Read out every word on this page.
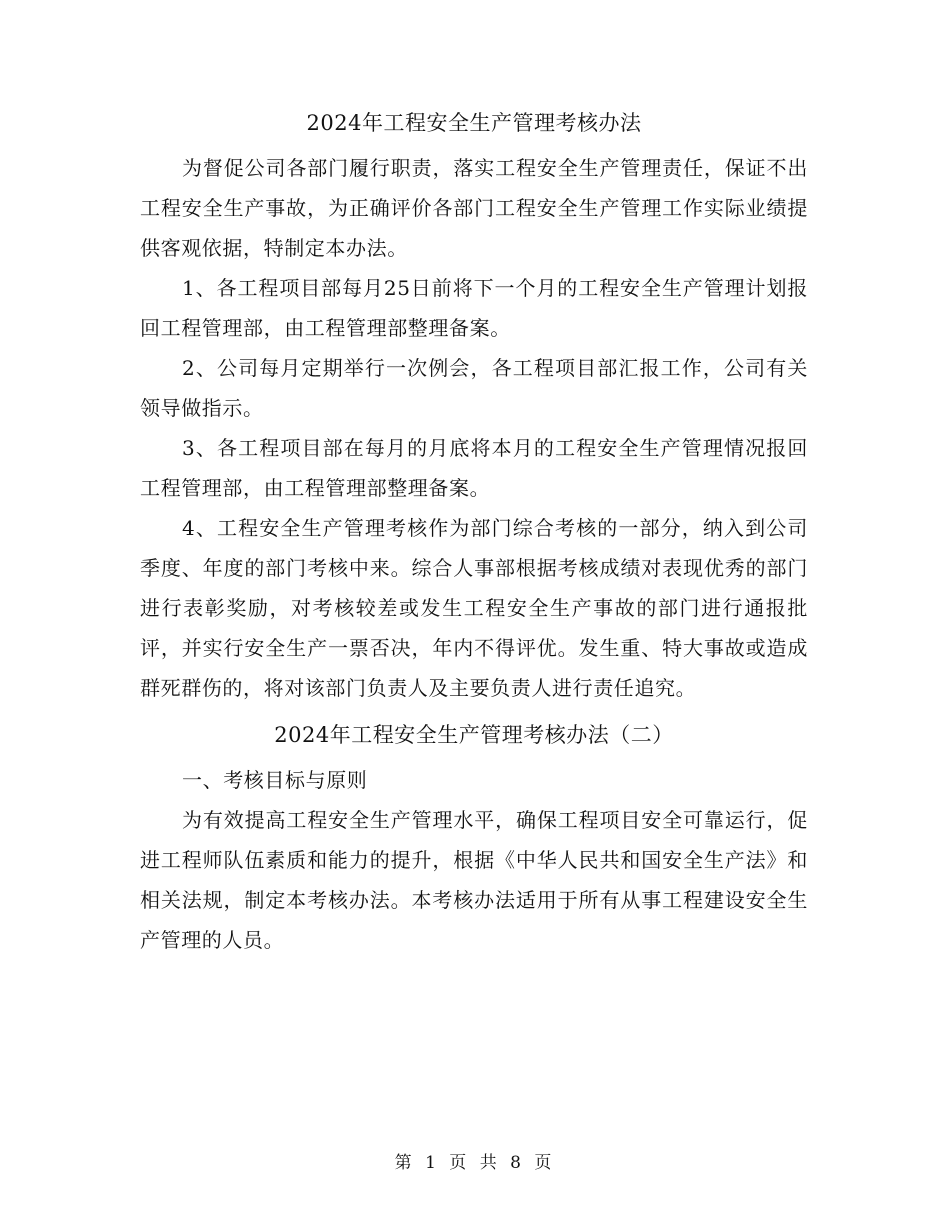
2024年工程安全生产管理考核办法

为督促公司各部门履行职责，落实工程安全生产管理责任，保证不出工程安全生产事故，为正确评价各部门工程安全生产管理工作实际业绩提供客观依据，特制定本办法。

1、各工程项目部每月25日前将下一个月的工程安全生产管理计划报回工程管理部，由工程管理部整理备案。

2、公司每月定期举行一次例会，各工程项目部汇报工作，公司有关领导做指示。

3、各工程项目部在每月的月底将本月的工程安全生产管理情况报回工程管理部，由工程管理部整理备案。

4、工程安全生产管理考核作为部门综合考核的一部分，纳入到公司季度、年度的部门考核中来。综合人事部根据考核成绩对表现优秀的部门进行表彰奖励，对考核较差或发生工程安全生产事故的部门进行通报批评，并实行安全生产一票否决，年内不得评优。发生重、特大事故或造成群死群伤的，将对该部门负责人及主要负责人进行责任追究。

2024年工程安全生产管理考核办法（二）

一、考核目标与原则

为有效提高工程安全生产管理水平，确保工程项目安全可靠运行，促进工程师队伍素质和能力的提升，根据《中华人民共和国安全生产法》和相关法规，制定本考核办法。本考核办法适用于所有从事工程建设安全生产管理的人员。

第 1 页 共 8 页
